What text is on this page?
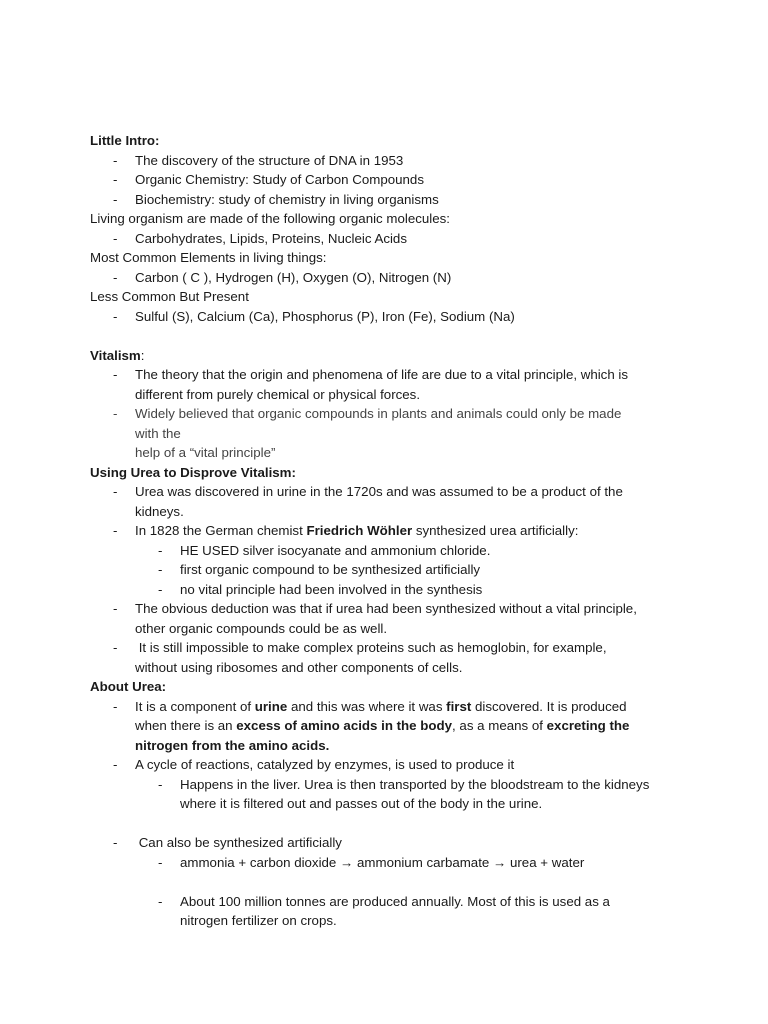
Little Intro:
- The discovery of the structure of DNA in 1953
- Organic Chemistry: Study of Carbon Compounds
- Biochemistry: study of chemistry in living organisms
Living organism are made of the following organic molecules:
- Carbohydrates, Lipids, Proteins, Nucleic Acids
Most Common Elements in living things:
- Carbon ( C ), Hydrogen (H), Oxygen (O), Nitrogen (N)
Less Common But Present
- Sulful (S), Calcium (Ca), Phosphorus (P), Iron (Fe), Sodium (Na)
Vitalism:
- The theory that the origin and phenomena of life are due to a vital principle, which is
different from purely chemical or physical forces.
- Widely believed that organic compounds in plants and animals could only be made
with the
help of a “vital principle”
Using Urea to Disprove Vitalism:
- Urea was discovered in urine in the 1720s and was assumed to be a product of the
kidneys.
- In 1828 the German chemist Friedrich Wöhler synthesized urea artificially:
- HE USED silver isocyanate and ammonium chloride.
- first organic compound to be synthesized artificially
- no vital principle had been involved in the synthesis
- The obvious deduction was that if urea had been synthesized without a vital principle,
other organic compounds could be as well.
- It is still impossible to make complex proteins such as hemoglobin, for example,
without using ribosomes and other components of cells.
About Urea:
- It is a component of urine and this was where it was first discovered. It is produced
when there is an excess of amino acids in the body, as a means of excreting the
nitrogen from the amino acids.
- A cycle of reactions, catalyzed by enzymes, is used to produce it
- Happens in the liver. Urea is then transported by the bloodstream to the kidneys
where it is filtered out and passes out of the body in the urine.
- Can also be synthesized artificially
- ammonia + carbon dioxide → ammonium carbamate → urea + water
- About 100 million tonnes are produced annually. Most of this is used as a
nitrogen fertilizer on crops.
